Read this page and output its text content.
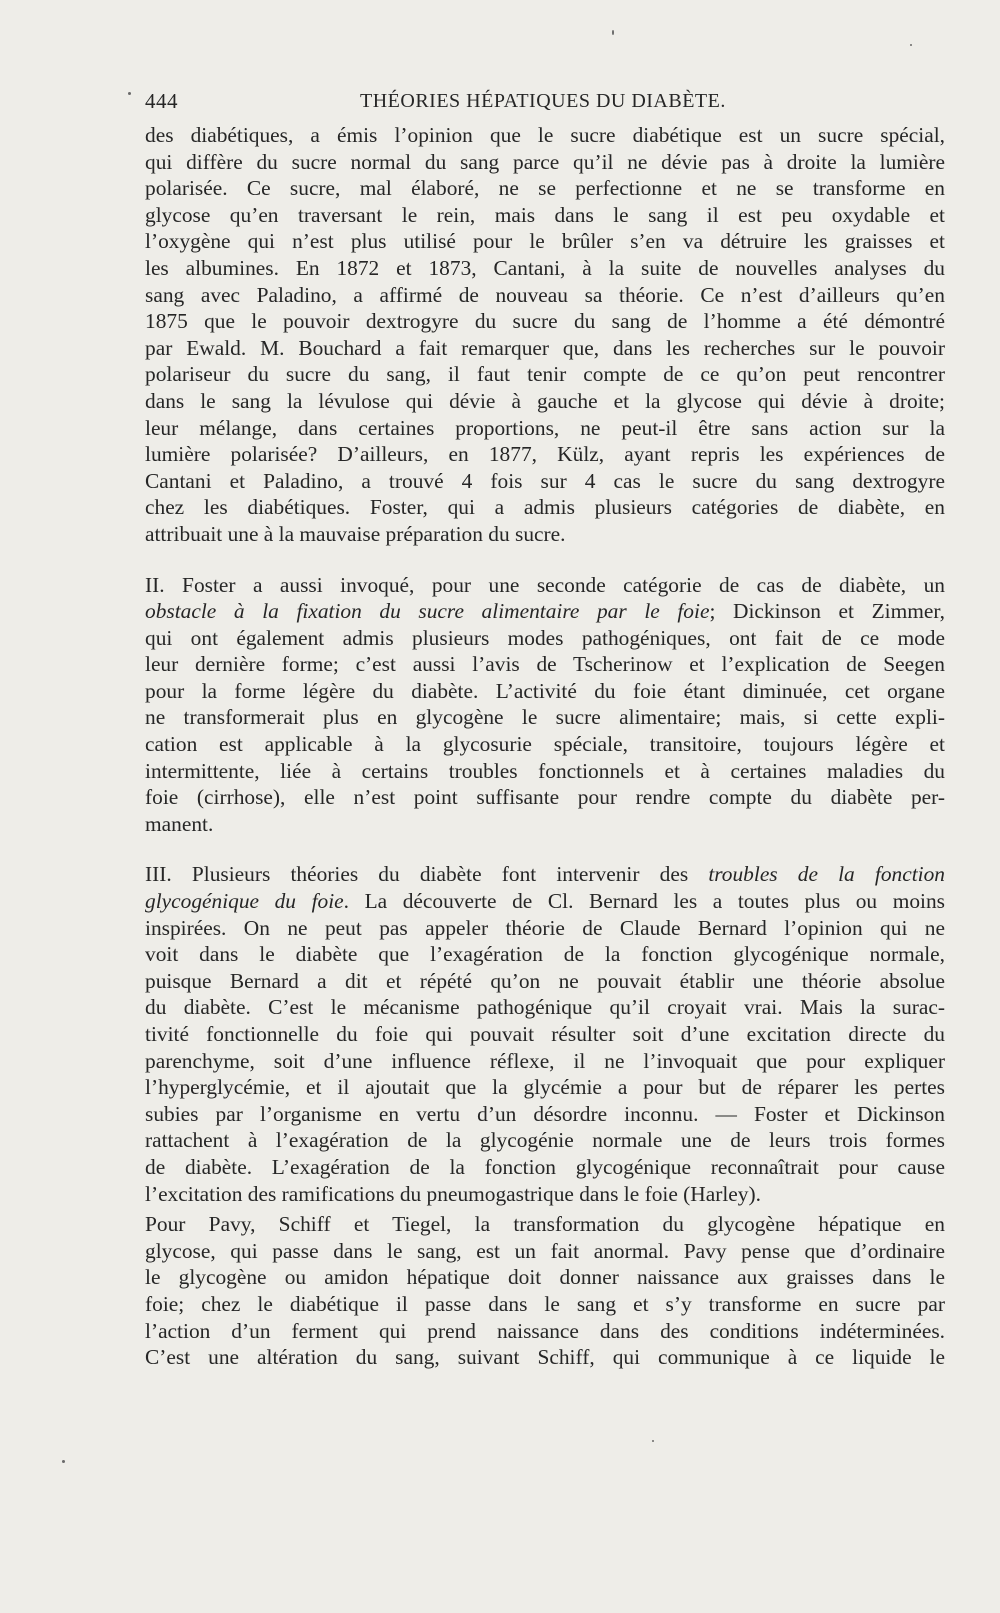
444	THÉORIES HÉPATIQUES DU DIABÈTE.

des diabétiques, a émis l’opinion que le sucre diabétique est un sucre spécial,
qui diffère du sucre normal du sang parce qu’il ne dévie pas à droite la lumière
polarisée. Ce sucre, mal élaboré, ne se perfectionne et ne se transforme en
glycose qu’en traversant le rein, mais dans le sang il est peu oxydable et
l’oxygène qui n’est plus utilisé pour le brûler s’en va détruire les graisses et
les albumines. En 1872 et 1873, Cantani, à la suite de nouvelles analyses du
sang avec Paladino, a affirmé de nouveau sa théorie. Ce n’est d’ailleurs qu’en
1875 que le pouvoir dextrogyre du sucre du sang de l’homme a été démontré
par Ewald. M. Bouchard a fait remarquer que, dans les recherches sur le pouvoir
polariseur du sucre du sang, il faut tenir compte de ce qu’on peut rencontrer
dans le sang la lévulose qui dévie à gauche et la glycose qui dévie à droite;
leur mélange, dans certaines proportions, ne peut-il être sans action sur la
lumière polarisée? D’ailleurs, en 1877, Külz, ayant repris les expériences de
Cantani et Paladino, a trouvé 4 fois sur 4 cas le sucre du sang dextrogyre
chez les diabétiques. Foster, qui a admis plusieurs catégories de diabète, en
attribuait une à la mauvaise préparation du sucre.

II. Foster a aussi invoqué, pour une seconde catégorie de cas de diabète, un
obstacle à la fixation du sucre alimentaire par le foie; Dickinson et Zimmer,
qui ont également admis plusieurs modes pathogéniques, ont fait de ce mode
leur dernière forme; c’est aussi l’avis de Tscherinow et l’explication de Seegen
pour la forme légère du diabète. L’activité du foie étant diminuée, cet organe
ne transformerait plus en glycogène le sucre alimentaire; mais, si cette expli-
cation est applicable à la glycosurie spéciale, transitoire, toujours légère et
intermittente, liée à certains troubles fonctionnels et à certaines maladies du
foie (cirrhose), elle n’est point suffisante pour rendre compte du diabète per-
manent.

III. Plusieurs théories du diabète font intervenir des troubles de la fonction
glycogénique du foie. La découverte de Cl. Bernard les a toutes plus ou moins
inspirées. On ne peut pas appeler théorie de Claude Bernard l’opinion qui ne
voit dans le diabète que l’exagération de la fonction glycogénique normale,
puisque Bernard a dit et répété qu’on ne pouvait établir une théorie absolue
du diabète. C’est le mécanisme pathogénique qu’il croyait vrai. Mais la surac-
tivité fonctionnelle du foie qui pouvait résulter soit d’une excitation directe du
parenchyme, soit d’une influence réflexe, il ne l’invoquait que pour expliquer
l’hyperglycémie, et il ajoutait que la glycémie a pour but de réparer les pertes
subies par l’organisme en vertu d’un désordre inconnu. — Foster et Dickinson
rattachent à l’exagération de la glycogénie normale une de leurs trois formes
de diabète. L’exagération de la fonction glycogénique reconnaîtrait pour cause
l’excitation des ramifications du pneumogastrique dans le foie (Harley).

Pour Pavy, Schiff et Tiegel, la transformation du glycogène hépatique en
glycose, qui passe dans le sang, est un fait anormal. Pavy pense que d’ordinaire
le glycogène ou amidon hépatique doit donner naissance aux graisses dans le
foie; chez le diabétique il passe dans le sang et s’y transforme en sucre par
l’action d’un ferment qui prend naissance dans des conditions indéterminées.
C’est une altération du sang, suivant Schiff, qui communique à ce liquide le
